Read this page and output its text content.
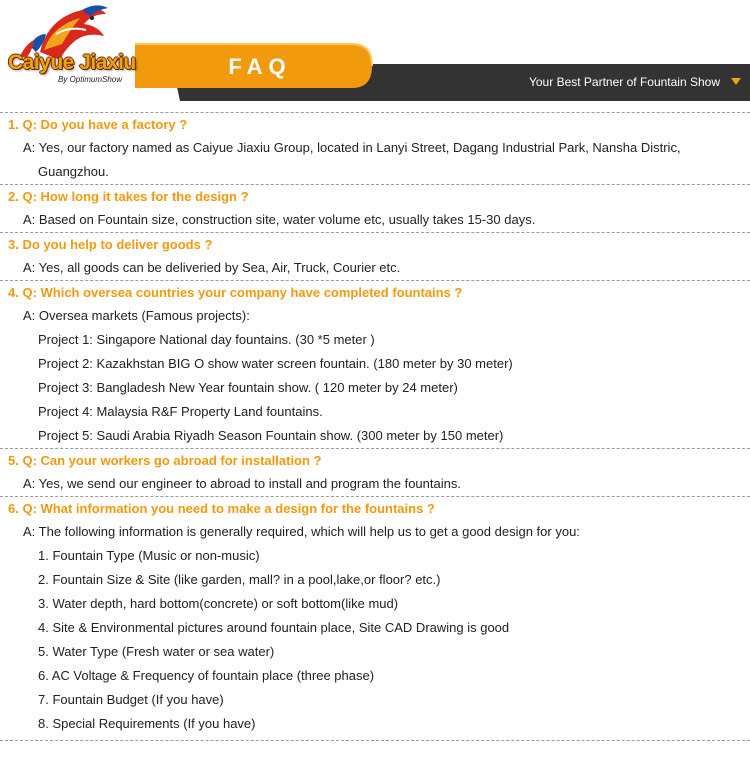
Caiyue Jiaxiu
By OptimumShow
FAQ
Your Best Partner of Fountain Show
1. Q: Do you have a factory ?
A: Yes, our factory named as Caiyue Jiaxiu Group, located in Lanyi Street, Dagang Industrial Park, Nansha Distric,
Guangzhou.
2. Q: How long it takes for the design ?
A: Based on Fountain size, construction site, water volume etc, usually takes 15-30 days.
3. Do you help to deliver goods ?
A: Yes, all goods can be deliveried by Sea, Air, Truck, Courier etc.
4. Q: Which oversea countries your company have completed fountains ?
A: Oversea markets (Famous projects):
Project 1: Singapore National day fountains. (30 *5 meter )
Project 2: Kazakhstan BIG O show water screen fountain. (180 meter by 30 meter)
Project 3: Bangladesh New Year fountain show. ( 120 meter by 24 meter)
Project 4: Malaysia R&F Property Land fountains.
Project 5: Saudi Arabia Riyadh Season Fountain show. (300 meter by 150 meter)
5. Q: Can your workers go abroad for installation ?
A: Yes, we send our engineer to abroad to install and program the fountains.
6. Q: What information you need to make a design for the fountains ?
A: The following information is generally required, which will help us to get a good design for you:
1. Fountain Type (Music or non-music)
2. Fountain Size & Site (like garden, mall? in a pool,lake,or floor? etc.)
3. Water depth, hard bottom(concrete) or soft bottom(like mud)
4. Site & Environmental pictures around fountain place, Site CAD Drawing is good
5. Water Type (Fresh water or sea water)
6. AC Voltage & Frequency of fountain place (three phase)
7. Fountain Budget (If you have)
8. Special Requirements (If you have)
